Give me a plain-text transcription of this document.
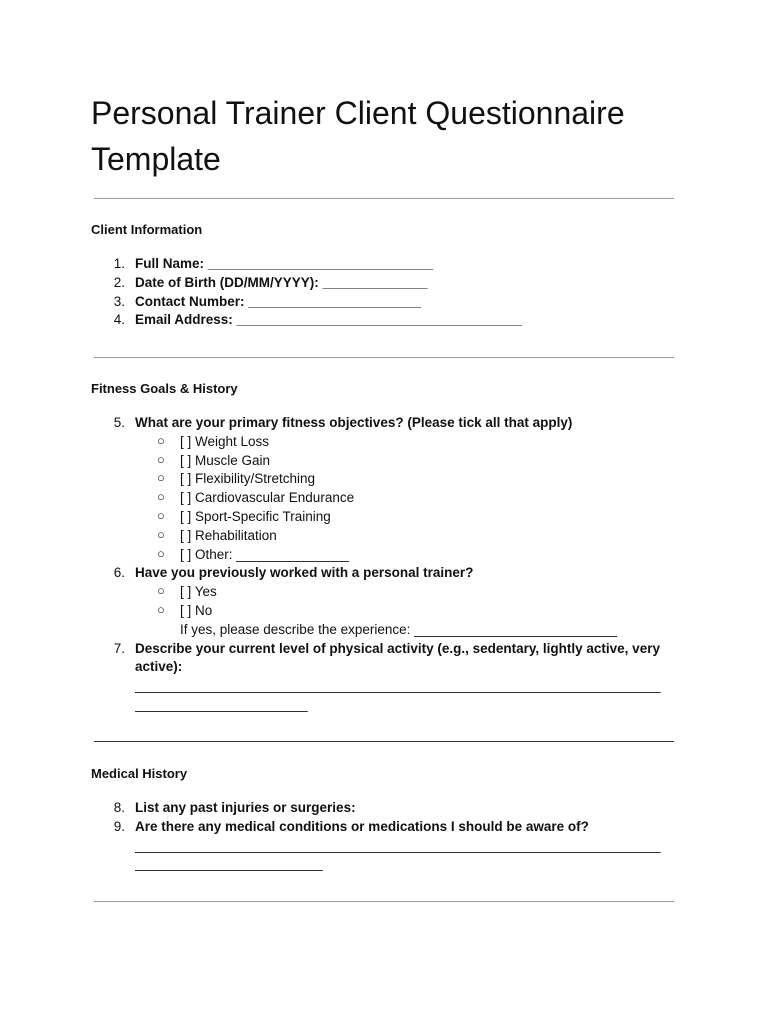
Personal Trainer Client Questionnaire Template
Client Information
1. Full Name: ______________________________
2. Date of Birth (DD/MM/YYYY): ______________
3. Contact Number: _______________________
4. Email Address: ______________________________________
Fitness Goals & History
5. What are your primary fitness objectives? (Please tick all that apply)
○ [ ] Weight Loss
○ [ ] Muscle Gain
○ [ ] Flexibility/Stretching
○ [ ] Cardiovascular Endurance
○ [ ] Sport-Specific Training
○ [ ] Rehabilitation
○ [ ] Other: _______________
6. Have you previously worked with a personal trainer?
○ [ ] Yes
○ [ ] No
If yes, please describe the experience: ___________________________
7. Describe your current level of physical activity (e.g., sedentary, lightly active, very active):
______________________________________________________________________
_______________________
Medical History
8. List any past injuries or surgeries:
9. Are there any medical conditions or medications I should be aware of?
______________________________________________________________________
_________________________
